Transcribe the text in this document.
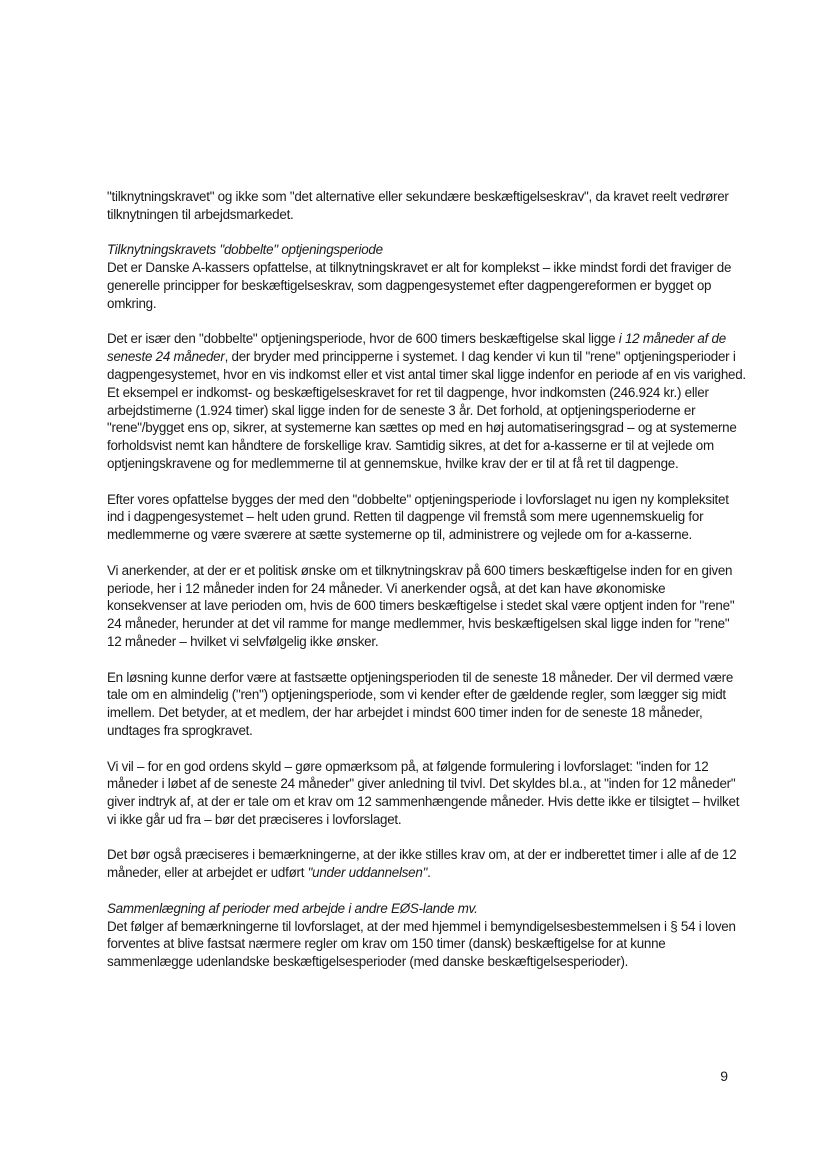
"tilknytningskravet" og ikke som "det alternative eller sekundære beskæftigelseskrav", da kravet reelt vedrører tilknytningen til arbejdsmarkedet.

Tilknytningskravets "dobbelte" optjeningsperiode

Det er Danske A-kassers opfattelse, at tilknytningskravet er alt for komplekst – ikke mindst fordi det fraviger de generelle principper for beskæftigelseskrav, som dagpengesystemet efter dagpengereformen er bygget op omkring.

Det er især den "dobbelte" optjeningsperiode, hvor de 600 timers beskæftigelse skal ligge i 12 måneder af de seneste 24 måneder, der bryder med principperne i systemet. I dag kender vi kun til "rene" optjeningsperioder i dagpengesystemet, hvor en vis indkomst eller et vist antal timer skal ligge indenfor en periode af en vis varighed. Et eksempel er indkomst- og beskæftigelseskravet for ret til dagpenge, hvor indkomsten (246.924 kr.) eller arbejdstimerne (1.924 timer) skal ligge inden for de seneste 3 år. Det forhold, at optjeningsperioderne er "rene"/bygget ens op, sikrer, at systemerne kan sættes op med en høj automatiseringsgrad – og at systemerne forholdsvist nemt kan håndtere de forskellige krav. Samtidig sikres, at det for a-kasserne er til at vejlede om optjeningskravene og for medlemmerne til at gennemskue, hvilke krav der er til at få ret til dagpenge.

Efter vores opfattelse bygges der med den "dobbelte" optjeningsperiode i lovforslaget nu igen ny kompleksitet ind i dagpengesystemet – helt uden grund. Retten til dagpenge vil fremstå som mere ugennemskuelig for medlemmerne og være sværere at sætte systemerne op til, administrere og vejlede om for a-kasserne.

Vi anerkender, at der er et politisk ønske om et tilknytningskrav på 600 timers beskæftigelse inden for en given periode, her i 12 måneder inden for 24 måneder. Vi anerkender også, at det kan have økonomiske konsekvenser at lave perioden om, hvis de 600 timers beskæftigelse i stedet skal være optjent inden for "rene" 24 måneder, herunder at det vil ramme for mange medlemmer, hvis beskæftigelsen skal ligge inden for "rene" 12 måneder – hvilket vi selvfølgelig ikke ønsker.

En løsning kunne derfor være at fastsætte optjeningsperioden til de seneste 18 måneder. Der vil dermed være tale om en almindelig ("ren") optjeningsperiode, som vi kender efter de gældende regler, som lægger sig midt imellem. Det betyder, at et medlem, der har arbejdet i mindst 600 timer inden for de seneste 18 måneder, undtages fra sprogkravet.

Vi vil – for en god ordens skyld – gøre opmærksom på, at følgende formulering i lovforslaget: "inden for 12 måneder i løbet af de seneste 24 måneder" giver anledning til tvivl. Det skyldes bl.a., at "inden for 12 måneder" giver indtryk af, at der er tale om et krav om 12 sammenhængende måneder. Hvis dette ikke er tilsigtet – hvilket vi ikke går ud fra – bør det præciseres i lovforslaget.

Det bør også præciseres i bemærkningerne, at der ikke stilles krav om, at der er indberettet timer i alle af de 12 måneder, eller at arbejdet er udført "under uddannelsen".

Sammenlægning af perioder med arbejde i andre EØS-lande mv.

Det følger af bemærkningerne til lovforslaget, at der med hjemmel i bemyndigelsesbestemmelsen i § 54 i loven forventes at blive fastsat nærmere regler om krav om 150 timer (dansk) beskæftigelse for at kunne sammenlægge udenlandske beskæftigelsesperioder (med danske beskæftigelsesperioder).

9
